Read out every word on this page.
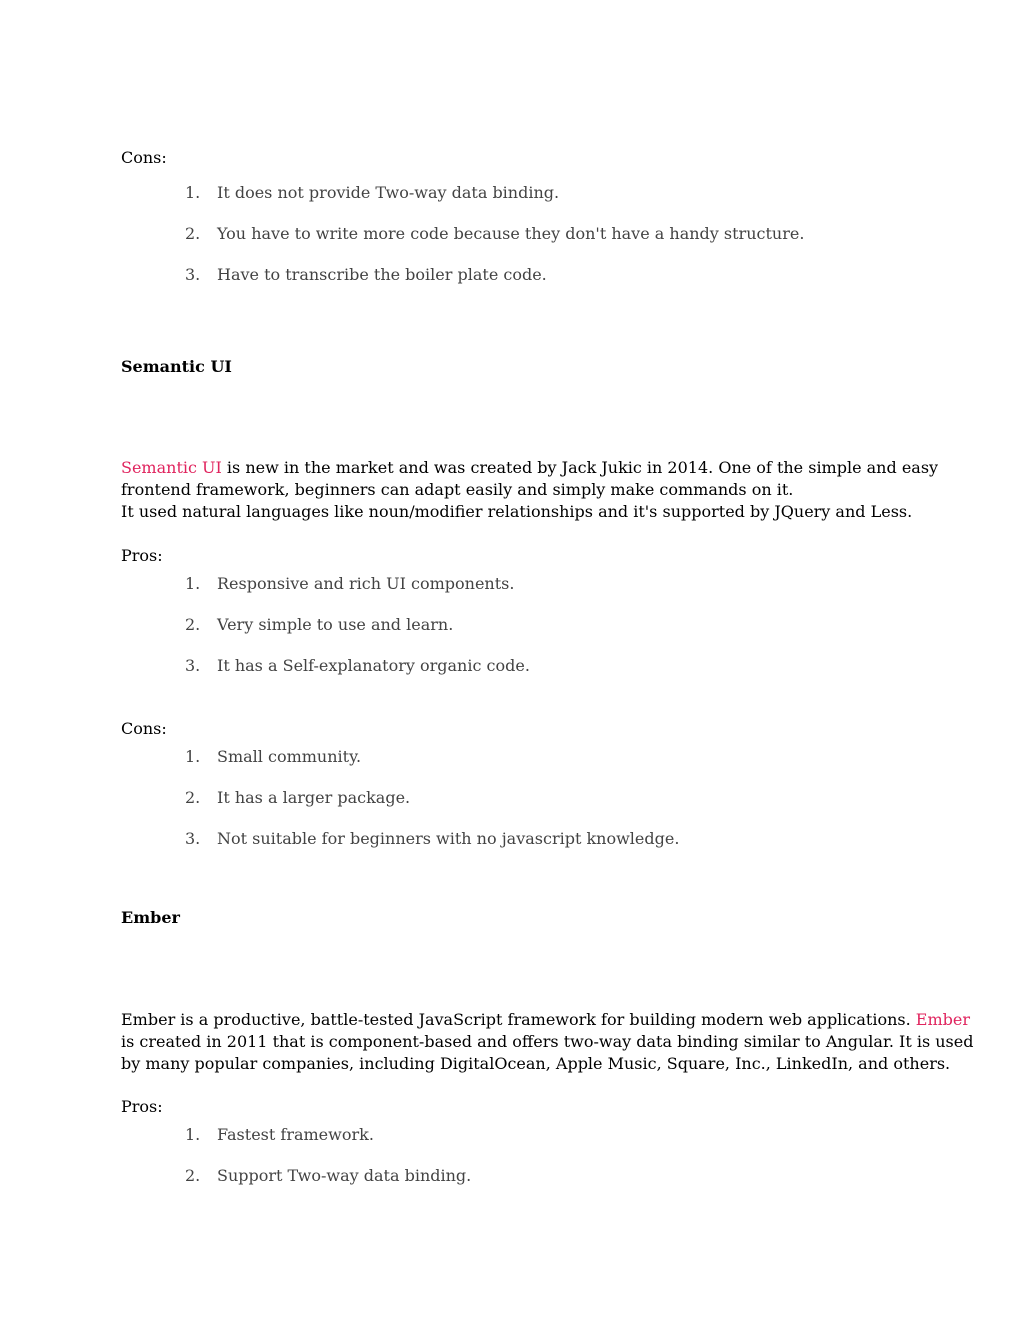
Cons:

1. It does not provide Two-way data binding.
2. You have to write more code because they don't have a handy structure.
3. Have to transcribe the boiler plate code.
Semantic UI
Semantic UI is new in the market and was created by Jack Jukic in 2014. One of the simple and easy
frontend framework, beginners can adapt easily and simply make commands on it.
It used natural languages like noun/modifier relationships and it's supported by JQuery and Less.

Pros:

1. Responsive and rich UI components.
2. Very simple to use and learn.
3. It has a Self-explanatory organic code.

Cons:

1. Small community.
2. It has a larger package.
3. Not suitable for beginners with no javascript knowledge.
Ember
Ember is a productive, battle-tested JavaScript framework for building modern web applications. Ember
is created in 2011 that is component-based and offers two-way data binding similar to Angular. It is used
by many popular companies, including DigitalOcean, Apple Music, Square, Inc., LinkedIn, and others.

Pros:

1. Fastest framework.
2. Support Two-way data binding.
